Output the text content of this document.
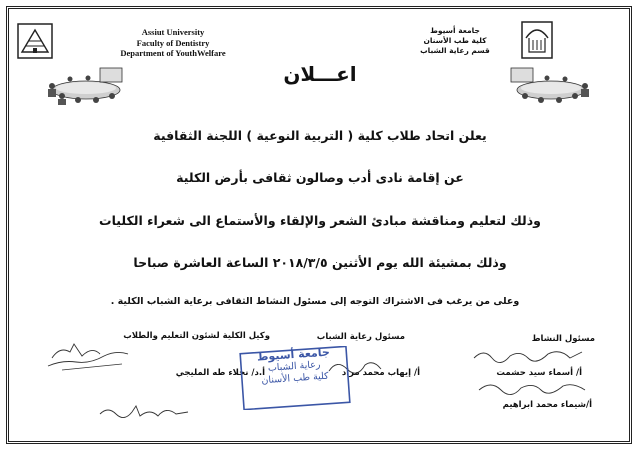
Assiut University
Faculty of Dentistry
Department of YouthWelfare
جامعة أسيوط
كلية طب الأسنان
قسم رعاية الشباب
اعـــلان
يعلن اتحاد طلاب كلية ( التربية النوعية ) اللجنة الثقافية
عن إقامة نادى أدب وصالون ثقافى بأرض الكلية
وذلك لتعليم ومناقشة مبادئ الشعر والإلقاء والأستماع الى شعراء الكليات
وذلك بمشيئة الله يوم الأثنين ٢٠١٨/٣/٥ الساعة العاشرة صباحا
وعلى من يرغب فى الاشتراك التوجه إلى مسئول النشاط الثقافى برعاية الشباب الكلية .
مسئول النشاط
مسئول رعاية الشباب
وكيل الكلية لشئون التعليم والطلاب
أ/ أسماء سيد حشمت
أ/شيماء محمد ابراهيم
أ/ إيهاب محمد مراد
أ.د/ نجلاء طه المليجي
جامعة أسيوط
رعاية الشباب
كلية طب الأسنان
